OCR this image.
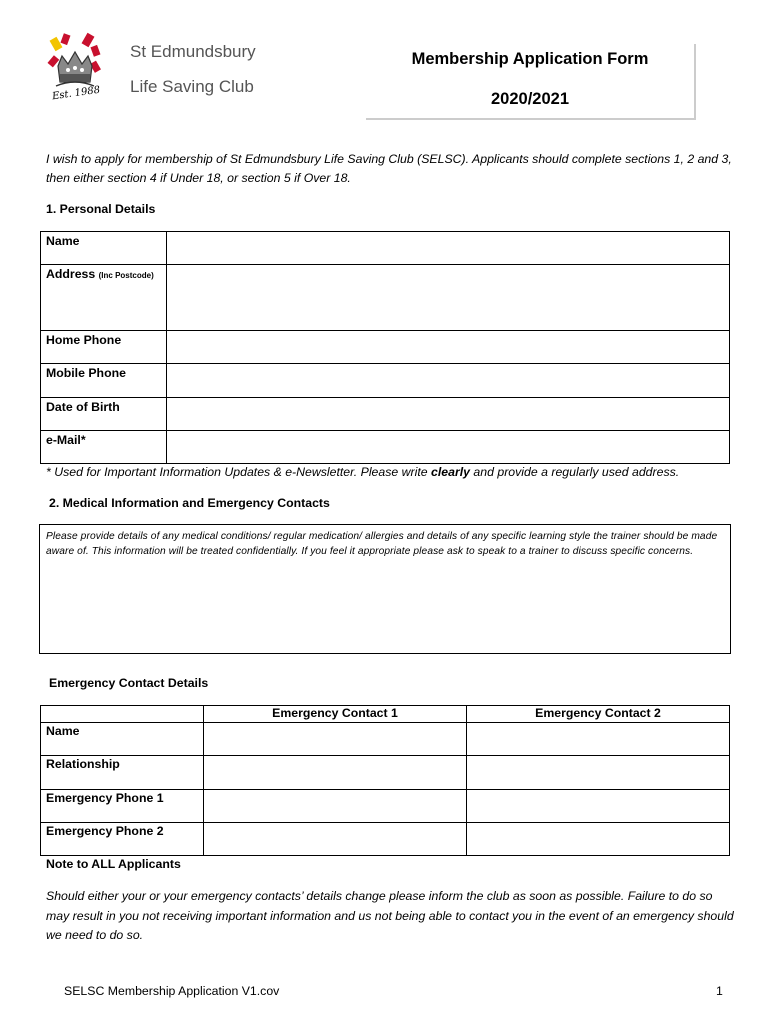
Est. 1988
St Edmundsbury
Life Saving Club
Membership Application Form
2020/2021
I wish to apply for membership of St Edmundsbury Life Saving Club (SELSC). Applicants should complete sections 1, 2 and 3, then either section 4 if Under 18, or section 5 if Over 18.
1. Personal Details
Name	
Address (Inc Postcode)	
Home Phone	
Mobile Phone	
Date of Birth	
e-Mail*	
* Used for Important Information Updates & e-Newsletter. Please write clearly and provide a regularly used address.
2. Medical Information and Emergency Contacts
Please provide details of any medical conditions/ regular medication/ allergies and details of any specific learning style the trainer should be made aware of. This information will be treated confidentially. If you feel it appropriate please ask to speak to a trainer to discuss specific concerns.
Emergency Contact Details
	Emergency Contact 1	Emergency Contact 2
Name		
Relationship		
Emergency Phone 1		
Emergency Phone 2		
Note to ALL Applicants
Should either your or your emergency contacts’ details change please inform the club as soon as possible. Failure to do so may result in you not receiving important information and us not being able to contact you in the event of an emergency should we need to do so.
SELSC Membership Application V1.cov	1
